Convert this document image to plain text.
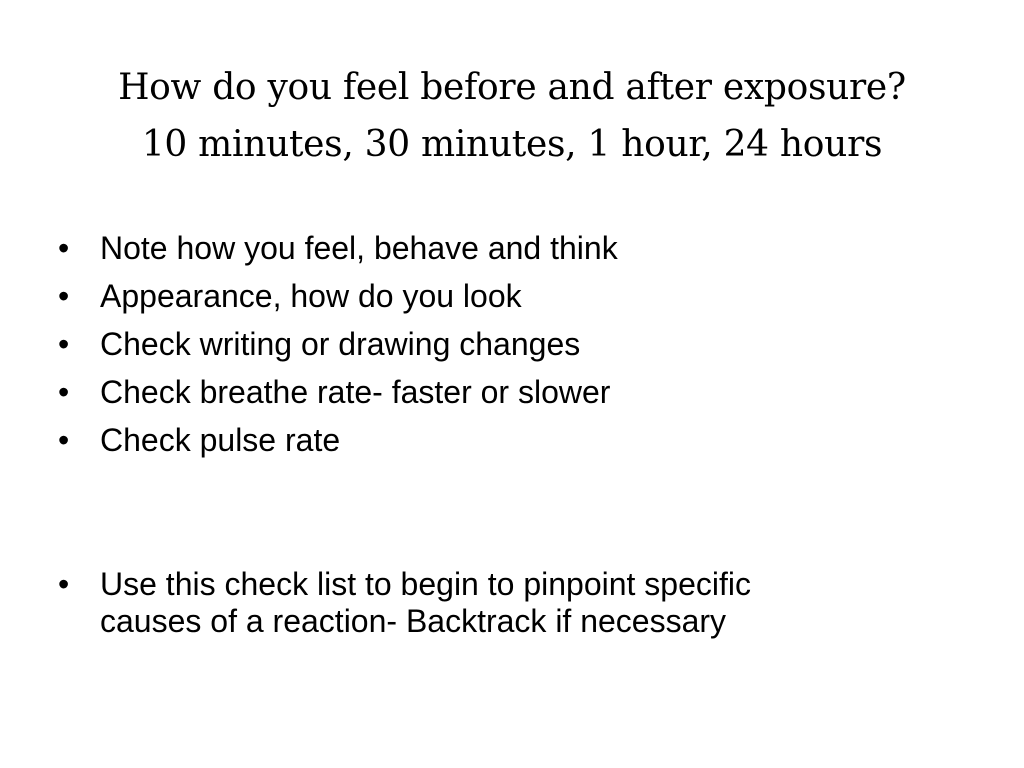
How do you feel before and after exposure?
10 minutes, 30 minutes, 1 hour, 24 hours
• Note how you feel, behave and think
• Appearance, how do you look
• Check writing or drawing changes
• Check breathe rate- faster or slower
• Check pulse rate
• Use this check list to begin to pinpoint specific
causes of a reaction- Backtrack if necessary
